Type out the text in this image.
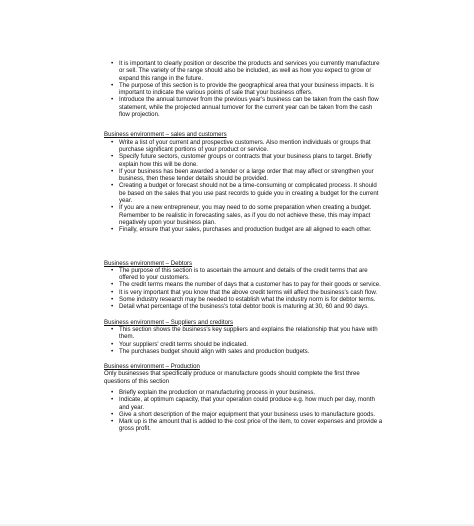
• It is important to clearly position or describe the products and services you currently manufacture or sell. The variety of the range should also be included, as well as how you expect to grow or expand this range in the future.
• The purpose of this section is to provide the geographical area that your business impacts. It is important to indicate the various points of sale that your business offers.
• Introduce the annual turnover from the previous year's business can be taken from the cash flow statement, while the projected annual turnover for the current year can be taken from the cash flow projection.

Business environment – sales and customers

• Write a list of your current and prospective customers. Also mention individuals or groups that purchase significant portions of your product or service.
• Specify future sectors, customer groups or contracts that your business plans to target. Briefly explain how this will be done.
• If your business has been awarded a tender or a large order that may affect or strengthen your business, then these tender details should be provided.
• Creating a budget or forecast should not be a time-consuming or complicated process. It should be based on the sales that you use past records to guide you in creating a budget for the current year.
• If you are a new entrepreneur, you may need to do some preparation when creating a budget. Remember to be realistic in forecasting sales, as if you do not achieve these, this may impact negatively upon your business plan.
• Finally, ensure that your sales, purchases and production budget are all aligned to each other.

Business environment – Debtors

• The purpose of this section is to ascertain the amount and details of the credit terms that are offered to your customers.
• The credit terms means the number of days that a customer has to pay for their goods or service.
• It is very important that you know that the above credit terms will affect the business's cash flow.
• Some industry research may be needed to establish what the industry norm is for debtor terms.
• Detail what percentage of the business's total debtor book is maturing at 30, 60 and 90 days.

Business environment – Suppliers and creditors

• This section shows the business's key suppliers and explains the relationship that you have with them.
• Your suppliers' credit terms should be indicated.
• The purchases budget should align with sales and production budgets.

Business environment – Production

Only businesses that specifically produce or manufacture goods should complete the first three questions of this section

• Briefly explain the production or manufacturing process in your business.
• Indicate, at optimum capacity, that your operation could produce e.g. how much per day, month and year.
• Give a short description of the major equipment that your business uses to manufacture goods.
• Mark up is the amount that is added to the cost price of the item, to cover expenses and provide a gross profit.
